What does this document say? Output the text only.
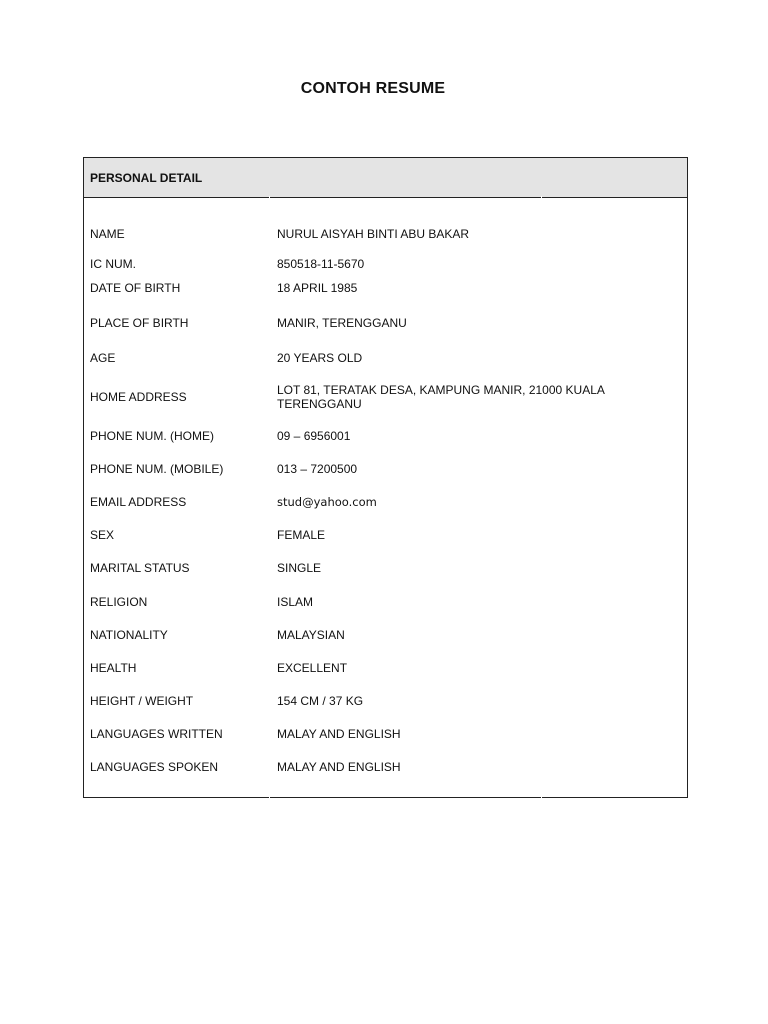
CONTOH RESUME
PERSONAL DETAIL
NAME	NURUL AISYAH BINTI ABU BAKAR
IC NUM.	850518-11-5670
DATE OF BIRTH	18 APRIL 1985
PLACE OF BIRTH	MANIR, TERENGGANU
AGE	20 YEARS OLD
HOME ADDRESS	LOT 81, TERATAK DESA, KAMPUNG MANIR, 21000 KUALA
TERENGGANU
PHONE NUM. (HOME)	09 – 6956001
PHONE NUM. (MOBILE)	013 – 7200500
EMAIL ADDRESS	stud@yahoo.com
SEX	FEMALE
MARITAL STATUS	SINGLE
RELIGION	ISLAM
NATIONALITY	MALAYSIAN
HEALTH	EXCELLENT
HEIGHT / WEIGHT	154 CM / 37 KG
LANGUAGES WRITTEN	MALAY AND ENGLISH
LANGUAGES SPOKEN	MALAY AND ENGLISH
